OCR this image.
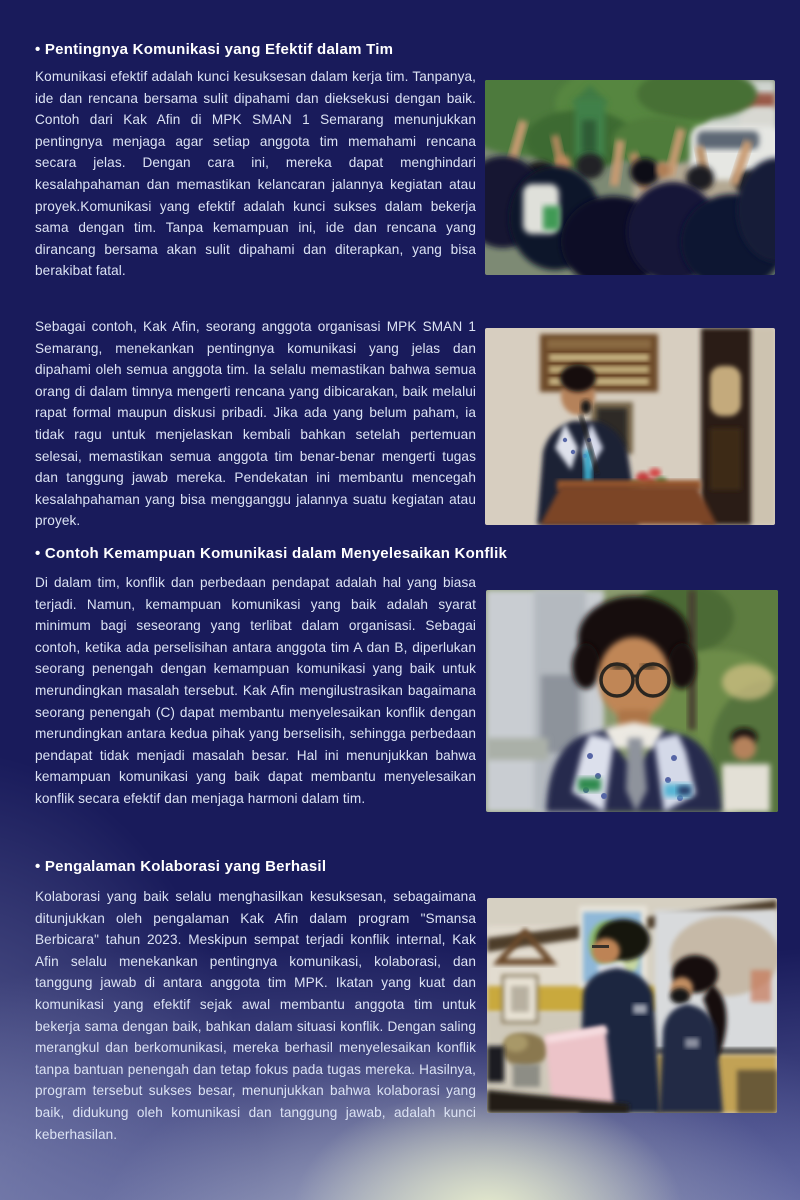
• Pentingnya Komunikasi yang Efektif dalam Tim

Komunikasi efektif adalah kunci kesuksesan dalam kerja tim. Tanpanya, ide dan rencana bersama sulit dipahami dan dieksekusi dengan baik. Contoh dari Kak Afin di MPK SMAN 1 Semarang menunjukkan pentingnya menjaga agar setiap anggota tim memahami rencana secara jelas. Dengan cara ini, mereka dapat menghindari kesalahpahaman dan memastikan kelancaran jalannya kegiatan atau proyek.Komunikasi yang efektif adalah kunci sukses dalam bekerja sama dengan tim. Tanpa kemampuan ini, ide dan rencana yang dirancang bersama akan sulit dipahami dan diterapkan, yang bisa berakibat fatal.

Sebagai contoh, Kak Afin, seorang anggota organisasi MPK SMAN 1 Semarang, menekankan pentingnya komunikasi yang jelas dan dipahami oleh semua anggota tim. Ia selalu memastikan bahwa semua orang di dalam timnya mengerti rencana yang dibicarakan, baik melalui rapat formal maupun diskusi pribadi. Jika ada yang belum paham, ia tidak ragu untuk menjelaskan kembali bahkan setelah pertemuan selesai, memastikan semua anggota tim benar-benar mengerti tugas dan tanggung jawab mereka. Pendekatan ini membantu mencegah kesalahpahaman yang bisa mengganggu jalannya suatu kegiatan atau proyek.

• Contoh Kemampuan Komunikasi dalam Menyelesaikan Konflik

Di dalam tim, konflik dan perbedaan pendapat adalah hal yang biasa terjadi. Namun, kemampuan komunikasi yang baik adalah syarat minimum bagi seseorang yang terlibat dalam organisasi. Sebagai contoh, ketika ada perselisihan antara anggota tim A dan B, diperlukan seorang penengah dengan kemampuan komunikasi yang baik untuk merundingkan masalah tersebut. Kak Afin mengilustrasikan bagaimana seorang penengah (C) dapat membantu menyelesaikan konflik dengan merundingkan antara kedua pihak yang berselisih, sehingga perbedaan pendapat tidak menjadi masalah besar. Hal ini menunjukkan bahwa kemampuan komunikasi yang baik dapat membantu menyelesaikan konflik secara efektif dan menjaga harmoni dalam tim.

• Pengalaman Kolaborasi yang Berhasil

Kolaborasi yang baik selalu menghasilkan kesuksesan, sebagaimana ditunjukkan oleh pengalaman Kak Afin dalam program "Smansa Berbicara" tahun 2023. Meskipun sempat terjadi konflik internal, Kak Afin selalu menekankan pentingnya komunikasi, kolaborasi, dan tanggung jawab di antara anggota tim MPK. Ikatan yang kuat dan komunikasi yang efektif sejak awal membantu anggota tim untuk bekerja sama dengan baik, bahkan dalam situasi konflik. Dengan saling merangkul dan berkomunikasi, mereka berhasil menyelesaikan konflik tanpa bantuan penengah dan tetap fokus pada tugas mereka. Hasilnya, program tersebut sukses besar, menunjukkan bahwa kolaborasi yang baik, didukung oleh komunikasi dan tanggung jawab, adalah kunci keberhasilan.
